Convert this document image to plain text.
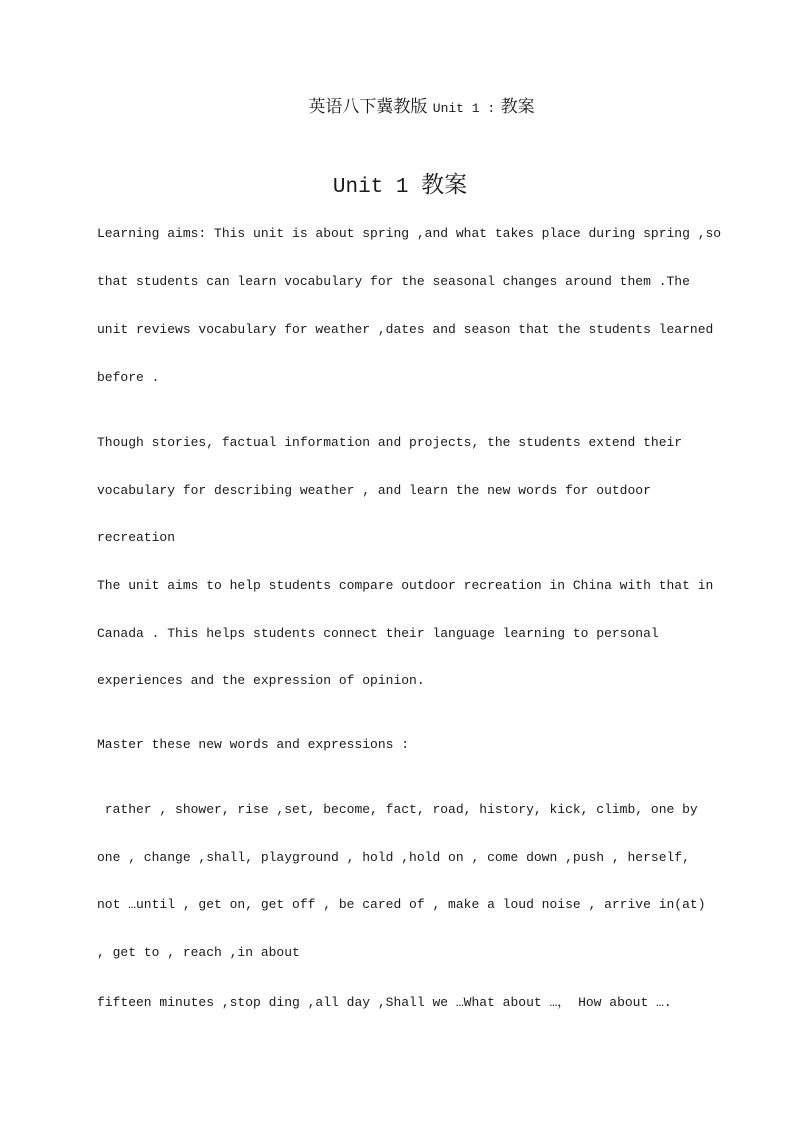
英语八下冀教版 Unit 1 : 教案
Unit 1 教案
Learning aims: This unit is about spring ,and what takes place during spring ,so
that students can learn vocabulary for the seasonal changes around them .The
unit reviews vocabulary for weather ,dates and season that the students learned
before .
Though stories, factual information and projects, the students extend their
vocabulary for describing weather , and learn the new words for outdoor
recreation
The unit aims to help students compare outdoor recreation in China with that in
Canada . This helps students connect their language learning to personal
experiences and the expression of opinion.
Master these new words and expressions :
rather , shower, rise ,set, become, fact, road, history, kick, climb, one by
one , change ,shall, playground , hold ,hold on , come down ,push , herself,
not …until , get on, get off , be cared of , make a loud noise , arrive in(at)
, get to , reach ,in about
fifteen minutes ,stop ding ,all day ,Shall we …What about …， How about ….
